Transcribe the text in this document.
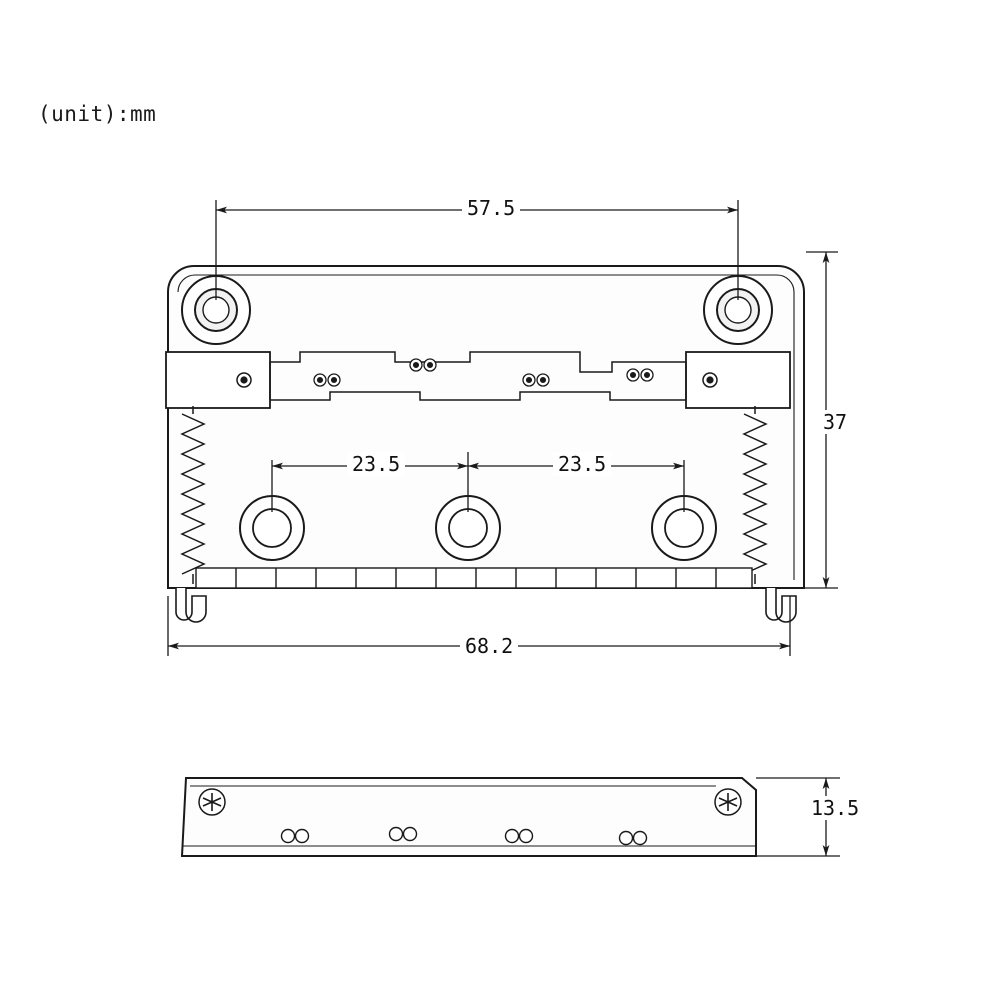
(unit):mm
57.5
23.5	23.5
68.2
37
13.5
